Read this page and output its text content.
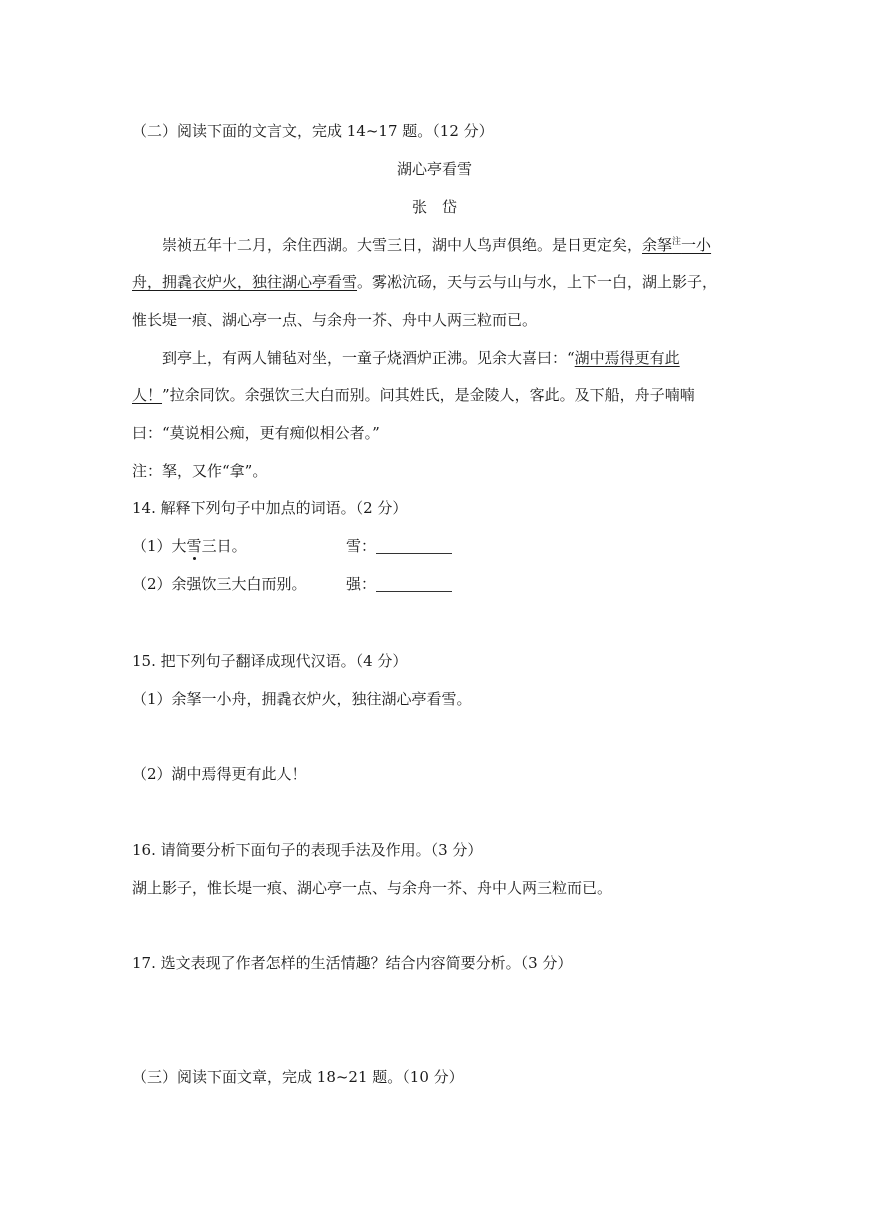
（二）阅读下面的文言文，完成 14~17 题。（12 分）
湖心亭看雪
张　岱
崇祯五年十二月，余住西湖。大雪三日，湖中人鸟声俱绝。是日更定矣，余拏$^注$一小
舟，拥毳衣炉火，独往湖心亭看雪。雾凇沆砀，天与云与山与水，上下一白，湖上影子，
惟长堤一痕、湖心亭一点、与余舟一芥、舟中人两三粒而已。
到亭上，有两人铺毡对坐，一童子烧酒炉正沸。见余大喜曰：“湖中焉得更有此
人！”拉余同饮。余强饮三大白而别。问其姓氏，是金陵人，客此。及下船，舟子喃喃
曰：“莫说相公痴，更有痴似相公者。”
注：拏，又作“拿”。
14. 解释下列句子中加点的词语。（2 分）
（1）大雪三日。	雪：
（2）余强饮三大白而别。	强：
15. 把下列句子翻译成现代汉语。（4 分）
（1）余拏一小舟，拥毳衣炉火，独往湖心亭看雪。
（2）湖中焉得更有此人！
16. 请简要分析下面句子的表现手法及作用。（3 分）
湖上影子，惟长堤一痕、湖心亭一点、与余舟一芥、舟中人两三粒而已。
17. 选文表现了作者怎样的生活情趣？结合内容简要分析。（3 分）
（三）阅读下面文章，完成 18~21 题。（10 分）
